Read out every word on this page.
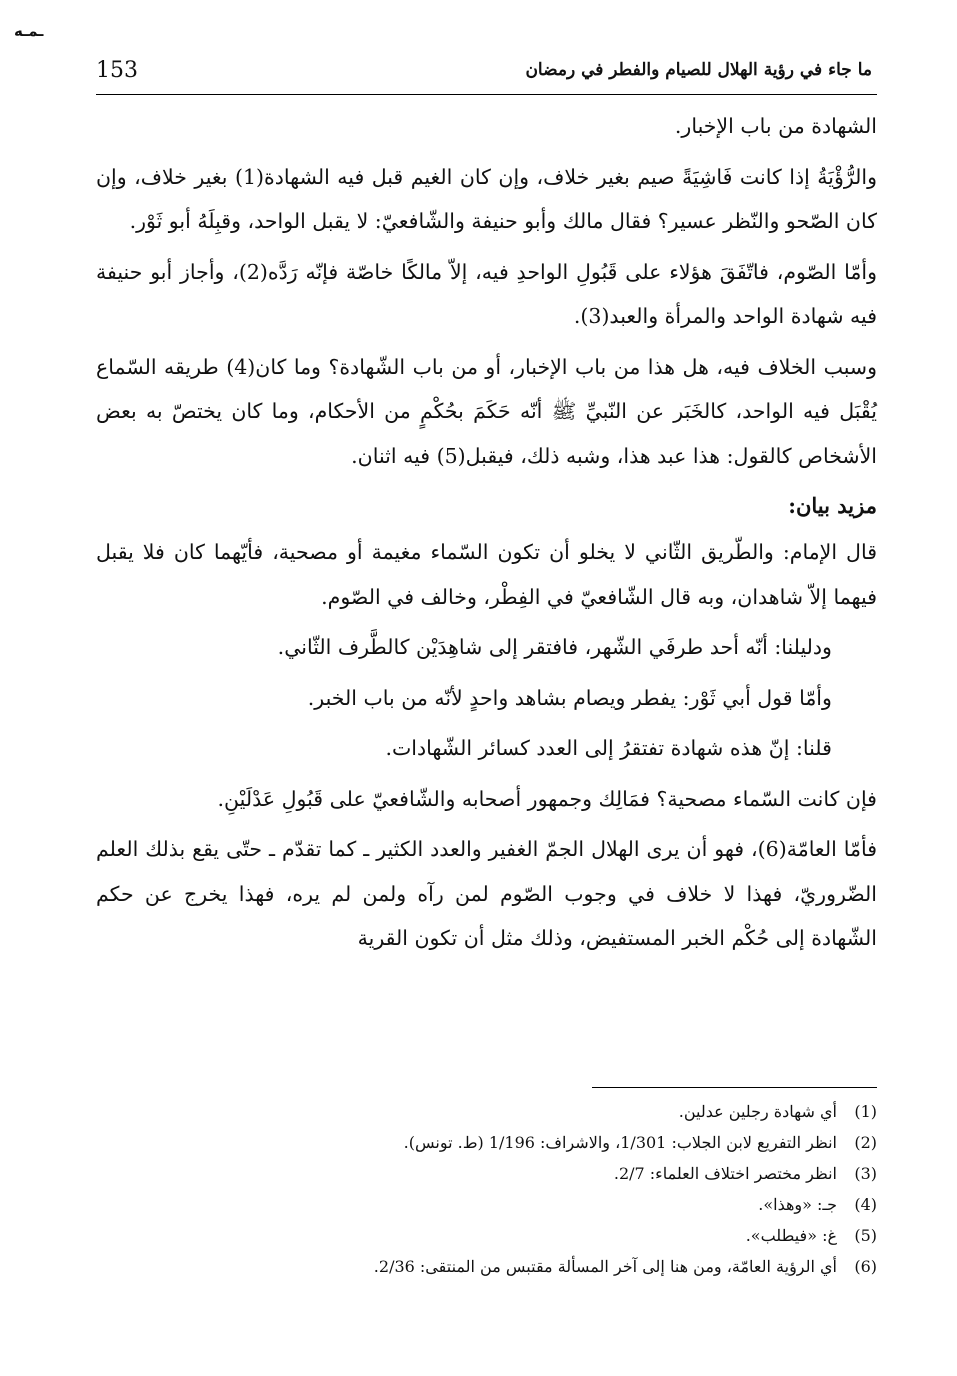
ـمـه
153	ما جاء في رؤية الهلال للصيام والفطر في رمضان

الشهادة من باب الإخبار.

والرُّؤْيَةُ إذا كانت فَاشِيَةً صيم بغير خلاف، وإن كان الغيم قبل فيه الشهادة(1) بغير خلاف، وإن كان الصّحو والنّظر عسير؟ فقال مالك وأبو حنيفة والشّافعيّ: لا يقبل الواحد، وقبِلَهُ أبو ثَوْر.

وأمّا الصّوم، فاتّفَقَ هؤلاء على قَبُولِ الواحدِ فيه، إلاّ مالكًا خاصّة فإنّه رَدَّه(2)، وأجاز أبو حنيفة فيه شهادة الواحد والمرأة والعبد(3).

وسبب الخلاف فيه، هل هذا من باب الإخبار، أو من باب الشّهادة؟ وما كان(4) طريقه السّماع يُقْبَل فيه الواحد، كالخَبَر عن النّبيِّ ﷺ أنّه حَكَمَ بحُكْمٍ من الأحكام، وما كان يختصّ به بعض الأشخاص كالقول: هذا عبد هذا، وشبه ذلك، فيقبل(5) فيه اثنان.

مزيد بيان:

قال الإمام: والطّريق الثّاني لا يخلو أن تكون السّماء مغيمة أو مصحية، فأيّهما كان فلا يقبل فيهما إلاّ شاهدان، وبه قال الشّافعيّ في الفِطْر، وخالف في الصّوم.

ودليلنا: أنّه أحد طرفَي الشّهر، فافتقر إلى شاهِدَيْن كالطَّرف الثّاني.

وأمّا قول أبي ثَوْر: يفطر ويصام بشاهد واحدٍ لأنّه من باب الخبر.

قلنا: إنّ هذه شهادة تفتقرُ إلى العدد كسائر الشّهادات.

فإن كانت السّماء مصحية؟ فمَالِك وجمهور أصحابه والشّافعيّ على قَبُولِ عَدْلَيْنِ.

فأمّا العامّة(6)، فهو أن يرى الهلال الجمّ الغفير والعدد الكثير ـ كما تقدّم ـ حتّى يقع بذلك العلم الضّروريّ، فهذا لا خلاف في وجوب الصّوم لمن رآه ولمن لم يره، فهذا يخرج عن حكم الشّهادة إلى حُكْم الخبر المستفيض، وذلك مثل أن تكون القرية

(1)
أي شهادة رجلين عدلين.
(2)
انظر التفريع لابن الجلاب: 1/301، والاشراف: 1/196 (ط. تونس).
(3)
انظر مختصر اختلاف العلماء: 2/7.
(4)
جـ: «وهذا».
(5)
غ: «فيطلب».
(6)
أي الرؤية العامّة، ومن هنا إلى آخر المسألة مقتبس من المنتقى: 2/36.
